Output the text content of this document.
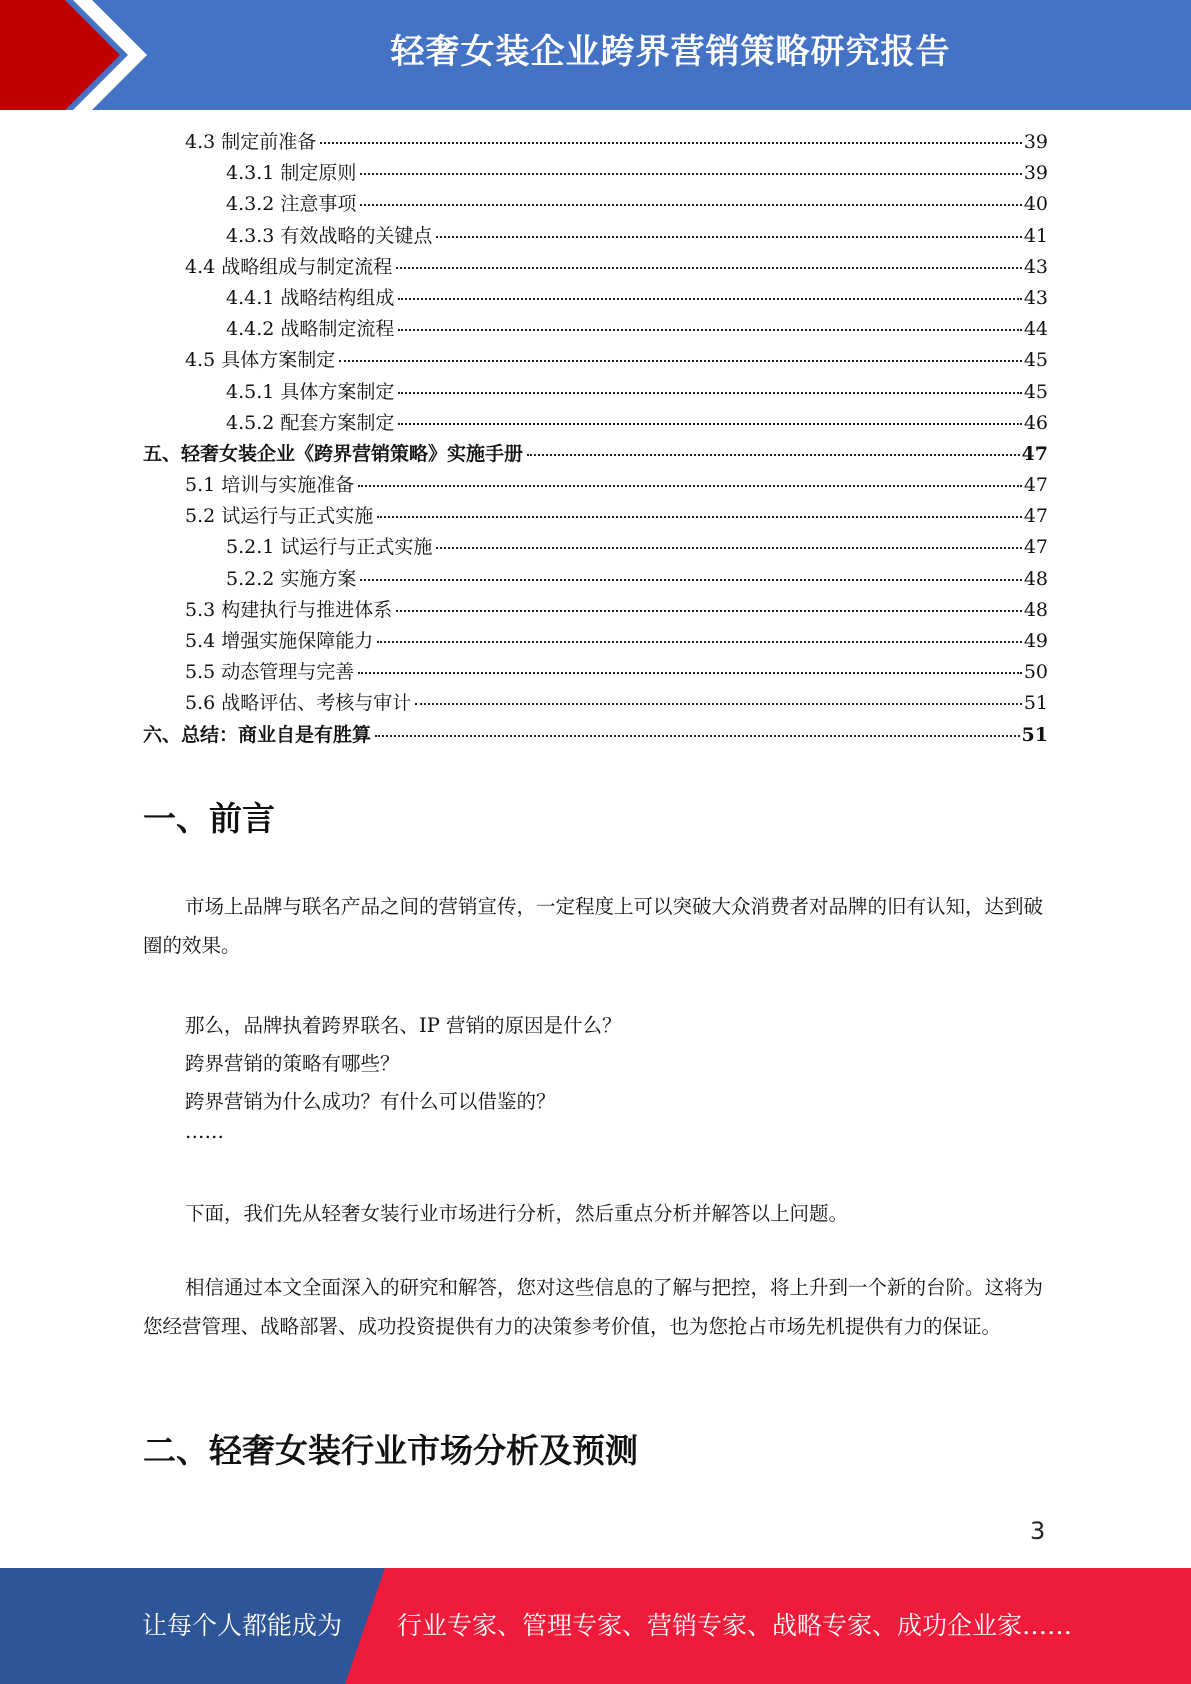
轻奢女装企业跨界营销策略研究报告
4.3 制定前准备	39
4.3.1 制定原则	39
4.3.2 注意事项	40
4.3.3 有效战略的关键点	41
4.4 战略组成与制定流程	43
4.4.1 战略结构组成	43
4.4.2 战略制定流程	44
4.5 具体方案制定	45
4.5.1 具体方案制定	45
4.5.2 配套方案制定	46
五、轻奢女装企业《跨界营销策略》实施手册	47
5.1 培训与实施准备	47
5.2 试运行与正式实施	47
5.2.1 试运行与正式实施	47
5.2.2 实施方案	48
5.3 构建执行与推进体系	48
5.4 增强实施保障能力	49
5.5 动态管理与完善	50
5.6 战略评估、考核与审计	51
六、总结：商业自是有胜算	51
一、前言

市场上品牌与联名产品之间的营销宣传，一定程度上可以突破大众消费者对品牌的旧有认知，达到破圈的效果。

那么，品牌执着跨界联名、IP 营销的原因是什么？
跨界营销的策略有哪些？
跨界营销为什么成功？有什么可以借鉴的？
……

下面，我们先从轻奢女装行业市场进行分析，然后重点分析并解答以上问题。

相信通过本文全面深入的研究和解答，您对这些信息的了解与把控，将上升到一个新的台阶。这将为您经营管理、战略部署、成功投资提供有力的决策参考价值，也为您抢占市场先机提供有力的保证。

二、轻奢女装行业市场分析及预测
3
让每个人都能成为 行业专家、管理专家、营销专家、战略专家、成功企业家……
